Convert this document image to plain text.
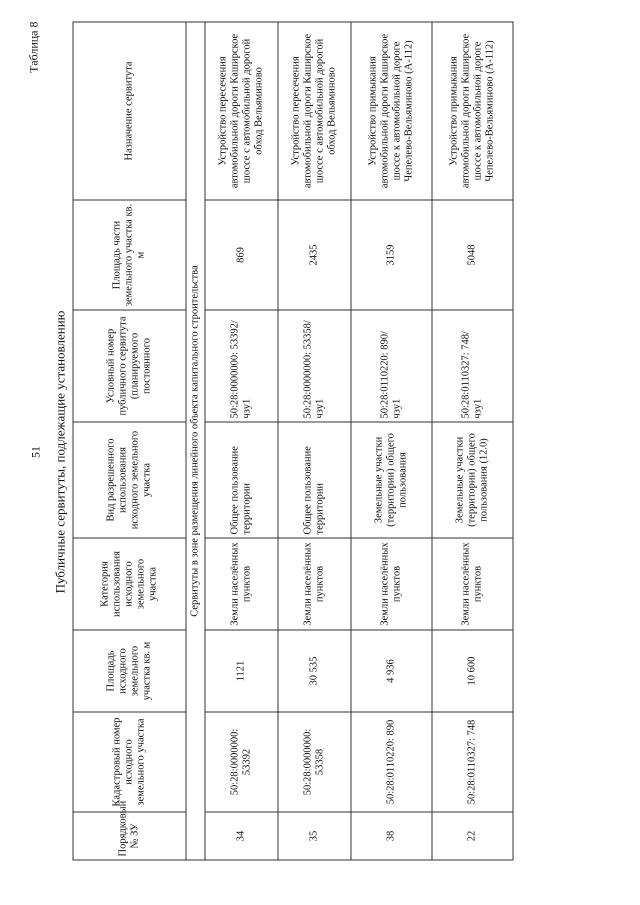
51
Таблица 8
Публичные сервитуты, подлежащие установлению
Порядковый № ЗУ	Кадастровый номер исходного земельного участка	Площадь исходного земельного участка кв. м	Категория использования исходного земельного участка	Вид разрешенного использования исходного земельного участка	Условный номер публичного сервитута (планируемого постоянного	Площадь части земельного участка кв. м	Назначение сервитута
Сервитуты в зоне размещения линейного объекта капитального строительства							
34	50:28:0000000: 53392	1121	Земли населённых пунктов	Общее пользование территории	50:28:0000000: 53392/чзу1	869	Устройство пересечения автомобильной дороги Каширское шоссе с автомобильной дорогой обход Вельяминово
35	50:28:0000000: 53358	30 535	Земли населённых пунктов	Общее пользование территории	50:28:0000000: 53358/чзу1	2435	Устройство пересечения автомобильной дороги Каширское шоссе с автомобильной дорогой обход Вельяминово
38	50:28:0110220: 890	4 936	Земли населённых пунктов	Земельные участки (территории) общего пользования	50:28:0110220: 890/чзу1	3159	Устройство примыкания автомобильной дороги Каширское шоссе к автомобильной дороге Чепелево-Вельяминово (А-112)
22	50:28:0110327: 748	10 600	Земли населённых пунктов	Земельные участки (территории) общего пользования (12.0)	50:28:0110327: 748/чзу1	5048	Устройство примыкания автомобильной дороги Каширское шоссе к автомобильной дороге Чепелево-Вельяминово (А-112)
